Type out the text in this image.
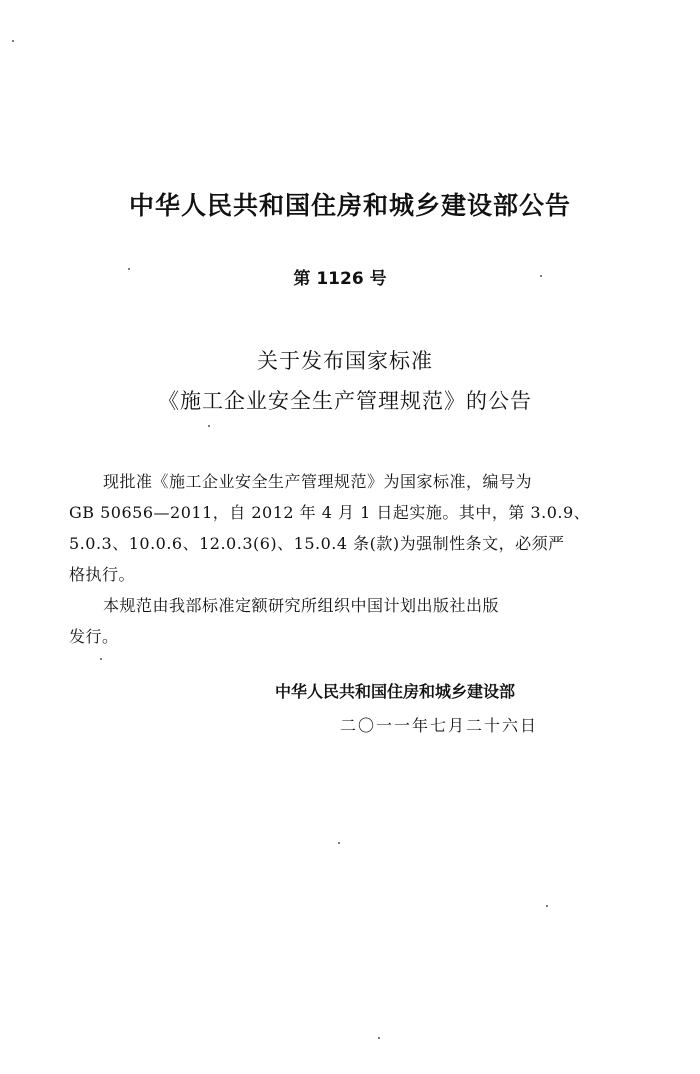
中华人民共和国住房和城乡建设部公告
第 1126 号
关于发布国家标准
《施工企业安全生产管理规范》的公告

现批准《施工企业安全生产管理规范》为国家标准，编号为
GB 50656—2011，自 2012 年 4 月 1 日起实施。其中，第 3.0.9、
5.0.3、10.0.6、12.0.3(6)、15.0.4 条(款)为强制性条文，必须严
格执行。

本规范由我部标准定额研究所组织中国计划出版社出版
发行。

中华人民共和国住房和城乡建设部
二〇一一年七月二十六日
